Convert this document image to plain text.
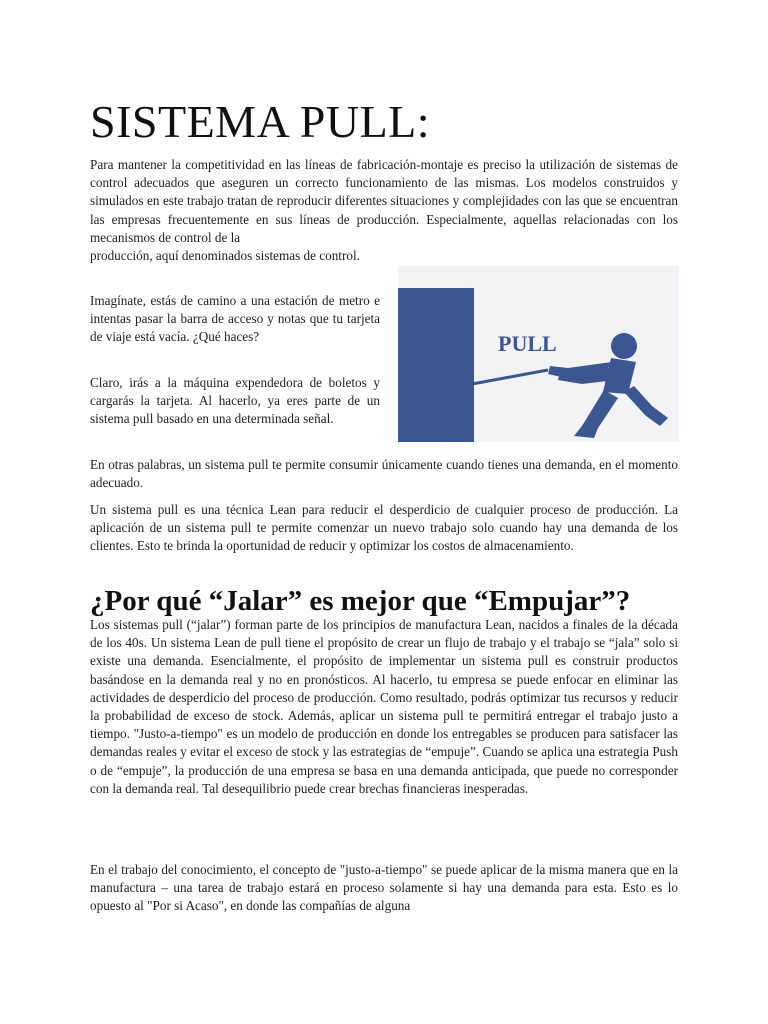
SISTEMA PULL:

Para mantener la competitividad en las líneas de fabricación-montaje es preciso la utilización de sistemas de control adecuados que aseguren un correcto funcionamiento de las mismas. Los modelos construidos y simulados en este trabajo tratan de reproducir diferentes situaciones y complejidades con las que se encuentran las empresas frecuentemente en sus líneas de producción. Especialmente, aquellas relacionadas con los mecanismos de control de la

producción, aquí denominados sistemas de control.

Imagínate, estás de camino a una estación de metro e intentas pasar la barra de acceso y notas que tu tarjeta de viaje está vacía. ¿Qué haces?

Claro, irás a la máquina expendedora de boletos y cargarás la tarjeta. Al hacerlo, ya eres parte de un sistema pull basado en una determinada señal.

PULL

En otras palabras, un sistema pull te permite consumir únicamente cuando tienes una demanda, en el momento adecuado.

Un sistema pull es una técnica Lean para reducir el desperdicio de cualquier proceso de producción. La aplicación de un sistema pull te permite comenzar un nuevo trabajo solo cuando hay una demanda de los clientes. Esto te brinda la oportunidad de reducir y optimizar los costos de almacenamiento.

¿Por qué “Jalar” es mejor que “Empujar”?

Los sistemas pull (“jalar”) forman parte de los principios de manufactura Lean, nacidos a finales de la década de los 40s. Un sistema Lean de pull tiene el propósito de crear un flujo de trabajo y el trabajo se “jala” solo si existe una demanda. Esencialmente, el propósito de implementar un sistema pull es construir productos basándose en la demanda real y no en pronósticos. Al hacerlo, tu empresa se puede enfocar en eliminar las actividades de desperdicio del proceso de producción. Como resultado, podrás optimizar tus recursos y reducir la probabilidad de exceso de stock. Además, aplicar un sistema pull te permitirá entregar el trabajo justo a tiempo. "Justo-a-tiempo" es un modelo de producción en donde los entregables se producen para satisfacer las demandas reales y evitar el exceso de stock y las estrategias de “empuje”. Cuando se aplica una estrategia Push o de “empuje”, la producción de una empresa se basa en una demanda anticipada, que puede no corresponder con la demanda real. Tal desequilibrio puede crear brechas financieras inesperadas.

En el trabajo del conocimiento, el concepto de "justo-a-tiempo" se puede aplicar de la misma manera que en la manufactura – una tarea de trabajo estará en proceso solamente si hay una demanda para esta. Esto es lo opuesto al "Por si Acaso", en donde las compañías de alguna
